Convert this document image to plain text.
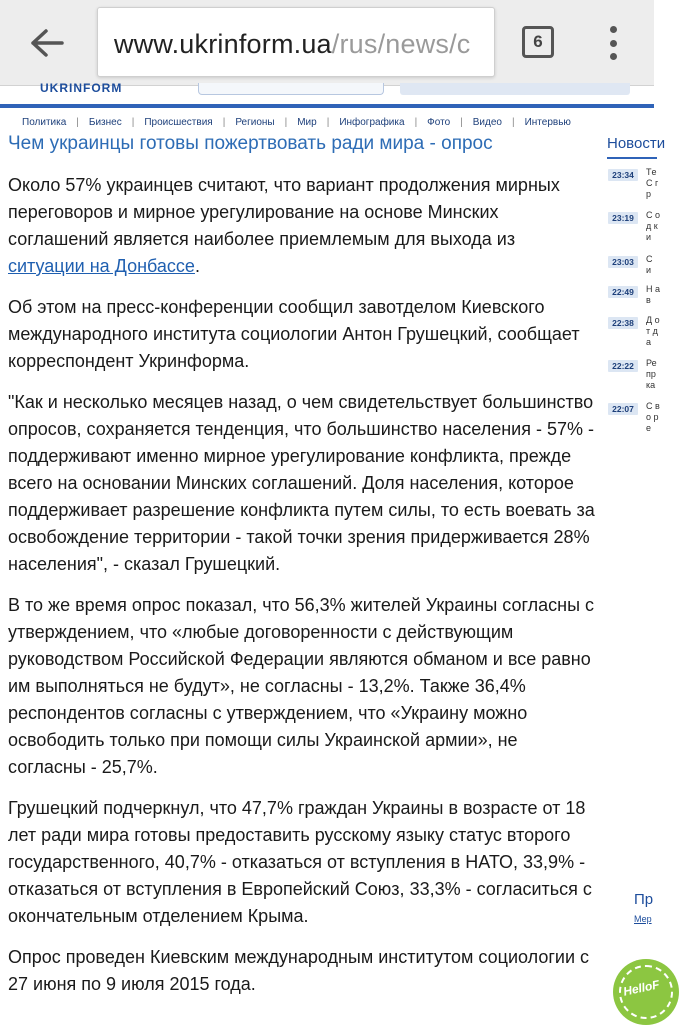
www.ukrinform.ua/rus/news/c	6
UKRINFORM
Политика | Бизнес | Происшествия | Регионы | Мир | Инфографика | Фото | Видео | Интервью
Чем украинцы готовы пожертвовать ради мира - опрос

Около 57% украинцев считают, что вариант продолжения мирных переговоров и мирное урегулирование на основе Минских соглашений является наиболее приемлемым для выхода из ситуации на Донбассе.

Об этом на пресс-конференции сообщил завотделом Киевского международного института социологии Антон Грушецкий, сообщает корреспондент Укринформа.

"Как и несколько месяцев назад, о чем свидетельствует большинство опросов, сохраняется тенденция, что большинство населения - 57% - поддерживают именно мирное урегулирование конфликта, прежде всего на основании Минских соглашений. Доля населения, которое поддерживает разрешение конфликта путем силы, то есть воевать за освобождение территории - такой точки зрения придерживается 28% населения", - сказал Грушецкий.

В то же время опрос показал, что 56,3% жителей Украины согласны с утверждением, что «любые договоренности с действующим руководством Российской Федерации являются обманом и все равно им выполняться не будут», не согласны - 13,2%. Также 36,4% респондентов согласны с утверждением, что «Украину можно освободить только при помощи силы Украинской армии», не согласны - 25,7%.

Грушецкий подчеркнул, что 47,7% граждан Украины в возрасте от 18 лет ради мира готовы предоставить русскому языку статус второго государственного, 40,7% - отказаться от вступления в НАТО, 33,9% - отказаться от вступления в Европейский Союз, 33,3% - согласиться с окончательным отделением Крыма.

Опрос проведен Киевским международным институтом социологии с 27 июня по 9 июля 2015 года.

Новости
23:34	Тe С гр
23:19	С од ки
23:03	С и
22:49	Н ав
22:38	Д от да
22:22	Ре пр ка
22:07	С во ре
Пр
Мер
HelloF
